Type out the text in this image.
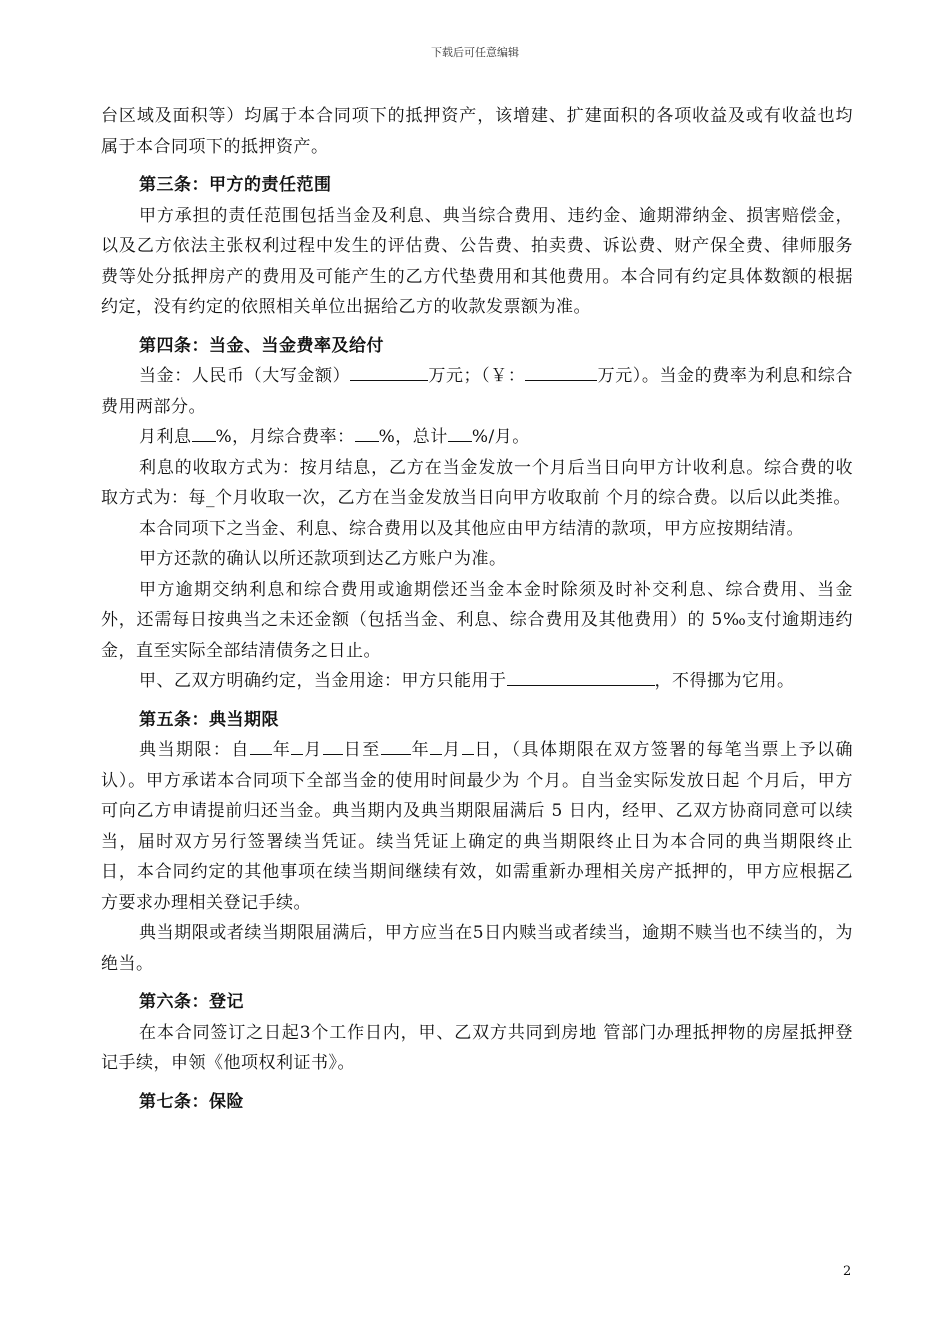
下载后可任意编辑

台区域及面积等）均属于本合同项下的抵押资产，该增建、扩建面积的各项收益及或有收益也均属于本合同项下的抵押资产。

第三条：甲方的责任范围

甲方承担的责任范围包括当金及利息、典当综合费用、违约金、逾期滞纳金、损害赔偿金，以及乙方依法主张权利过程中发生的评估费、公告费、拍卖费、诉讼费、财产保全费、律师服务费等处分抵押房产的费用及可能产生的乙方代垫费用和其他费用。本合同有约定具体数额的根据约定，没有约定的依照相关单位出据给乙方的收款发票额为准。

第四条：当金、当金费率及给付

当金：人民币（大写金额）	万元；（￥：	万元）。当金的费率为利息和综合费用两部分。

月利息 %，月综合费率： %，总计 %/月。

利息的收取方式为：按月结息，乙方在当金发放一个月后当日向甲方计收利息。综合费的收取方式为：每_个月收取一次，乙方在当金发放当日向甲方收取前 个月的综合费。以后以此类推。

本合同项下之当金、利息、综合费用以及其他应由甲方结清的款项，甲方应按期结清。

甲方还款的确认以所还款项到达乙方账户为准。

甲方逾期交纳利息和综合费用或逾期偿还当金本金时除须及时补交利息、综合费用、当金外，还需每日按典当之未还金额（包括当金、利息、综合费用及其他费用）的 5‰支付逾期违约金，直至实际全部结清债务之日止。

甲、乙双方明确约定，当金用途：甲方只能用于	，不得挪为它用。

第五条：典当期限

典当期限：自 年 月 日至 年 月 日，（具体期限在双方签署的每笔当票上予以确认）。甲方承诺本合同项下全部当金的使用时间最少为 个月。自当金实际发放日起 个月后，甲方可向乙方申请提前归还当金。典当期内及典当期限届满后 5 日内，经甲、乙双方协商同意可以续当，届时双方另行签署续当凭证。续当凭证上确定的典当期限终止日为本合同的典当期限终止日，本合同约定的其他事项在续当期间继续有效，如需重新办理相关房产抵押的，甲方应根据乙方要求办理相关登记手续。

典当期限或者续当期限届满后，甲方应当在5日内赎当或者续当，逾期不赎当也不续当的，为绝当。

第六条：登记

在本合同签订之日起3个工作日内，甲、乙双方共同到房地 管部门办理抵押物的房屋抵押登记手续，申领《他项权利证书》。

第七条：保险

2
